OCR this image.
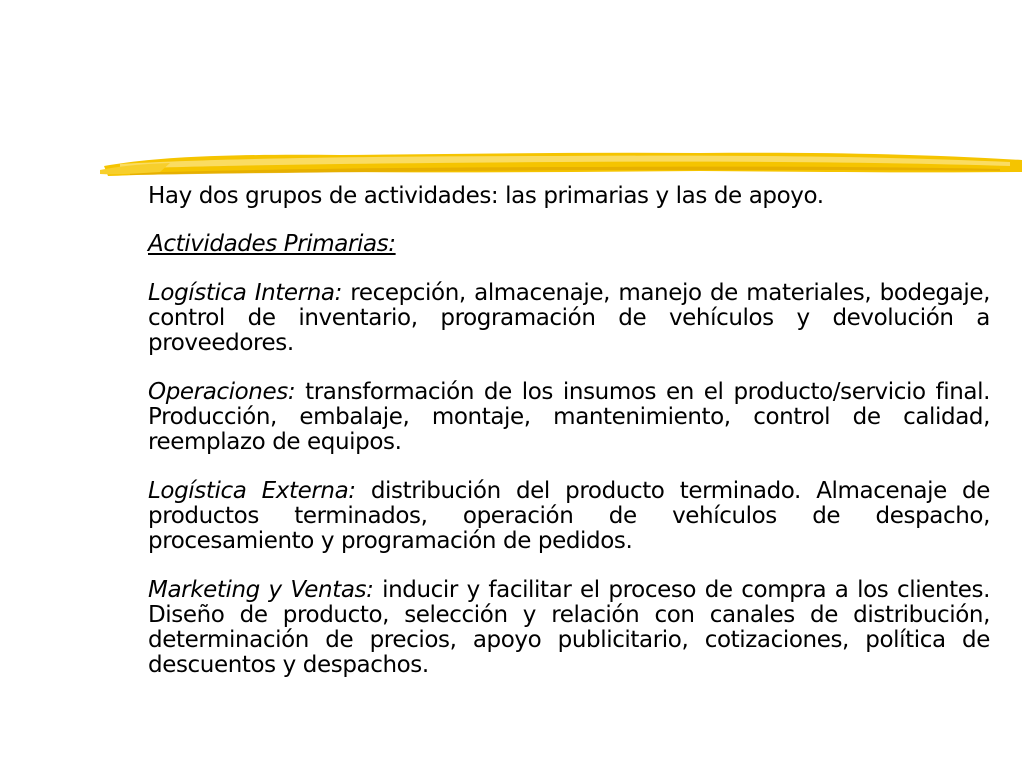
Hay dos grupos de actividades: las primarias y las de apoyo.

Actividades Primarias:

Logística Interna: recepción, almacenaje, manejo de materiales, bodegaje, control de inventario, programación de vehículos y devolución a proveedores.

Operaciones: transformación de los insumos en el producto/servicio final. Producción, embalaje, montaje, mantenimiento, control de calidad, reemplazo de equipos.

Logística Externa: distribución del producto terminado. Almacenaje de productos terminados, operación de vehículos de despacho, procesamiento y programación de pedidos.

Marketing y Ventas: inducir y facilitar el proceso de compra a los clientes. Diseño de producto, selección y relación con canales de distribución, determinación de precios, apoyo publicitario, cotizaciones, política de descuentos y despachos.
